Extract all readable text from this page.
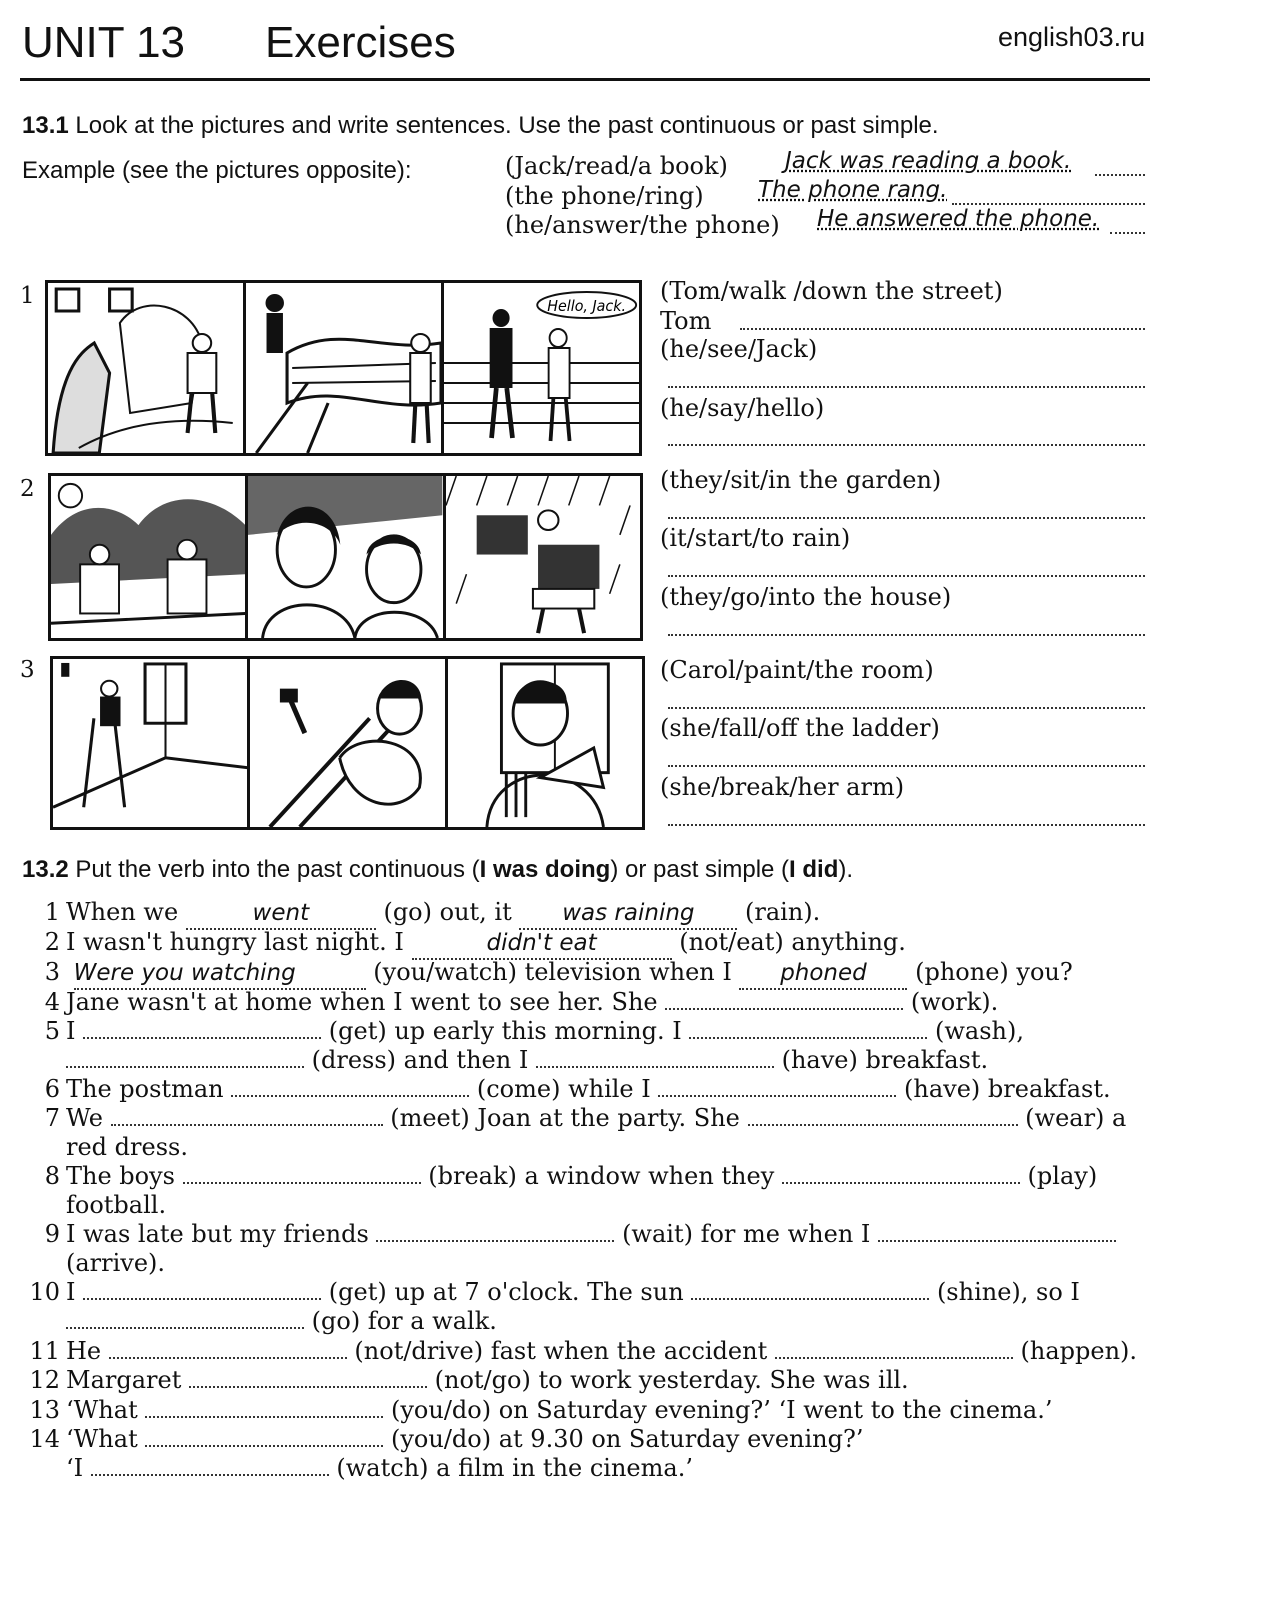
UNIT 13 Exercises	english03.ru
13.1 Look at the pictures and write sentences. Use the past continuous or past simple.
Example (see the pictures opposite):	(Jack/read/a book) Jack was reading a book.
(the phone/ring) The phone rang.
(he/answer/the phone) He answered the phone.
1	Hello, Jack.
(Tom/walk /down the street)
Tom
(he/see/Jack)
(he/say/hello)
2	(they/sit/in the garden)
(it/start/to rain)
(they/go/into the house)
3	(Carol/paint/the room)
(she/fall/off the ladder)
(she/break/her arm)
13.2 Put the verb into the past continuous (I was doing) or past simple (I did).
1 When we	went	(go) out, it was raining (rain).
2 I wasn't hungry last night. I	didn't eat	(not/eat) anything.
3 Were you watching	(you/watch) television when I phoned (phone) you?
4 Jane wasn't at home when I went to see her. She	(work).
5 I	(get) up early this morning. I	(wash),
(dress) and then I	(have) breakfast.
6 The postman	(come) while I	(have) breakfast.
7 We	(meet) Joan at the party. She	(wear) a
red dress.
8 The boys	(break) a window when they	(play)
football.
9 I was late but my friends	(wait) for me when I
(arrive).
10 I	(get) up at 7 o'clock. The sun	(shine), so I
(go) for a walk.
11 He	(not/drive) fast when the accident	(happen).
12 Margaret	(not/go) to work yesterday. She was ill.
13 ‘What	(you/do) on Saturday evening?’ ‘I went to the cinema.’
14 ‘What	(you/do) at 9.30 on Saturday evening?’
‘I	(watch) a film in the cinema.’
